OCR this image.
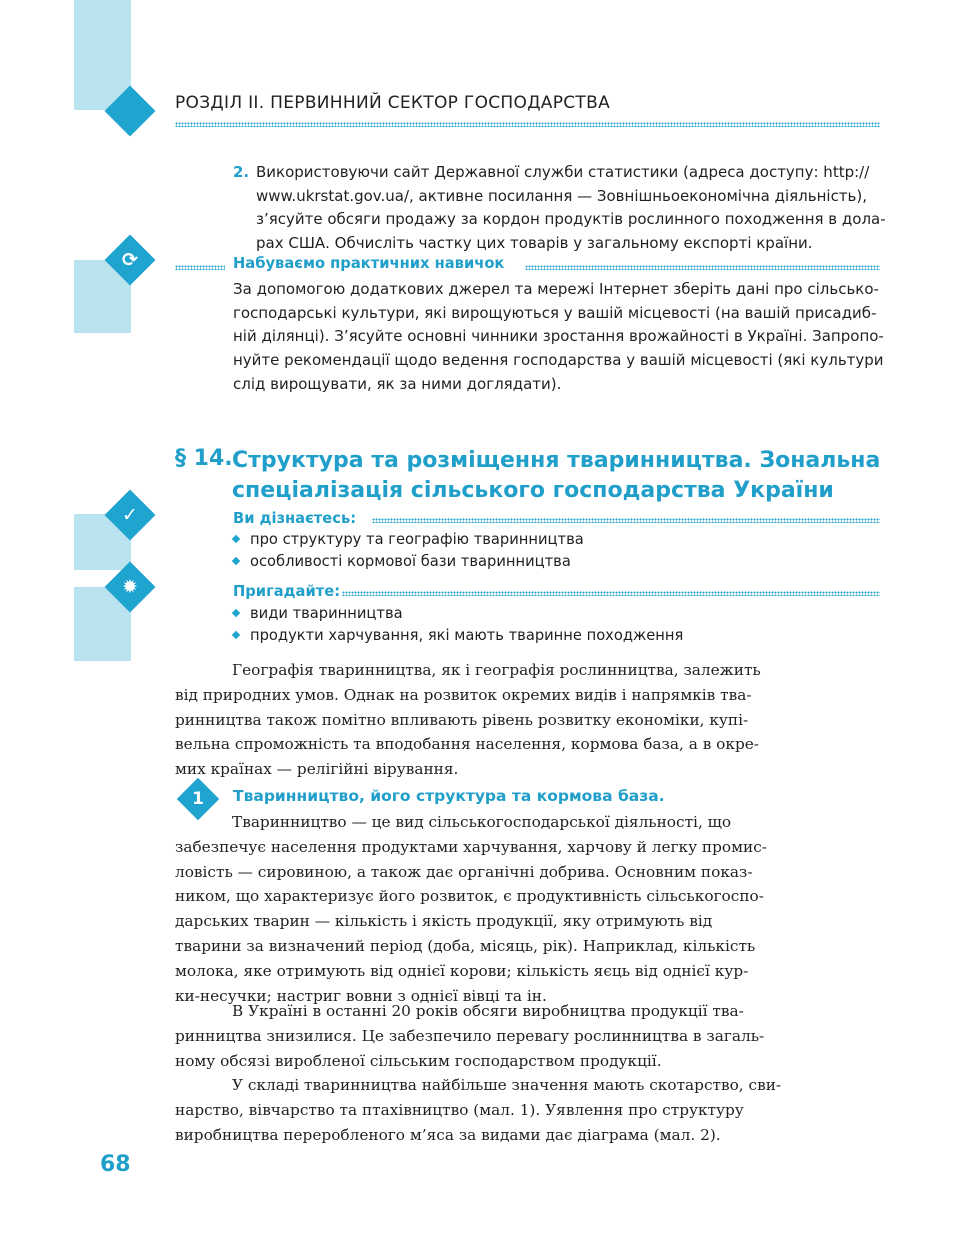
РОЗДІЛ ІІ. ПЕРВИННИЙ СЕКТОР ГОСПОДАРСТВА
2. Використовуючи сайт Державної служби статистики (адреса доступу: http://
www.ukrstat.gov.ua/, активне посилання — Зовнішньоекономічна діяльність),
з’ясуйте обсяги продажу за кордон продуктів рослинного походження в дола-
рах США. Обчисліть частку цих товарів у загальному експорті країни.
⟳	Набуваємо практичних навичок
За допомогою додаткових джерел та мережі Інтернет зберіть дані про сільсько-
господарські культури, які вирощуються у вашій місцевості (на вашій присадиб-
ній ділянці). З’ясуйте основні чинники зростання врожайності в Україні. Запропо-
нуйте рекомендації щодо ведення господарства у вашій місцевості (які культури
слід вирощувати, як за ними доглядати).
§ 14. Структура та розміщення тваринництва. Зональна
спеціалізація сільського господарства України
✓	Ви дізнаєтесь:
про структуру та географію тваринництва
особливості кормової бази тваринництва
✹	Пригадайте:
види тваринництва
продукти харчування, які мають тваринне походження
Географія тваринництва, як і географія рослинництва, залежить
від природних умов. Однак на розвиток окремих видів і напрямків тва-
ринництва також помітно впливають рівень розвитку економіки, купі-
вельна спроможність та вподобання населення, кормова база, а в окре-
мих країнах — релігійні вірування.
1	Тваринництво, його структура та кормова база.
Тваринництво — це вид сільськогосподарської діяльності, що
забезпечує населення продуктами харчування, харчову й легку промис-
ловість — сировиною, а також дає органічні добрива. Основним показ-
ником, що характеризує його розвиток, є продуктивність сільськогоспо-
дарських тварин — кількість і якість продукції, яку отримують від
тварини за визначений період (доба, місяць, рік). Наприклад, кількість
молока, яке отримують від однієї корови; кількість яєць від однієї кур-
ки-несучки; настриг вовни з однієї вівці та ін.
В Україні в останні 20 років обсяги виробництва продукції тва-
ринництва знизилися. Це забезпечило перевагу рослинництва в загаль-
ному обсязі виробленої сільським господарством продукції.
У складі тваринництва найбільше значення мають скотарство, сви-
нарство, вівчарство та птахівництво (мал. 1). Уявлення про структуру
виробництва переробленого м’яса за видами дає діаграма (мал. 2).
68
